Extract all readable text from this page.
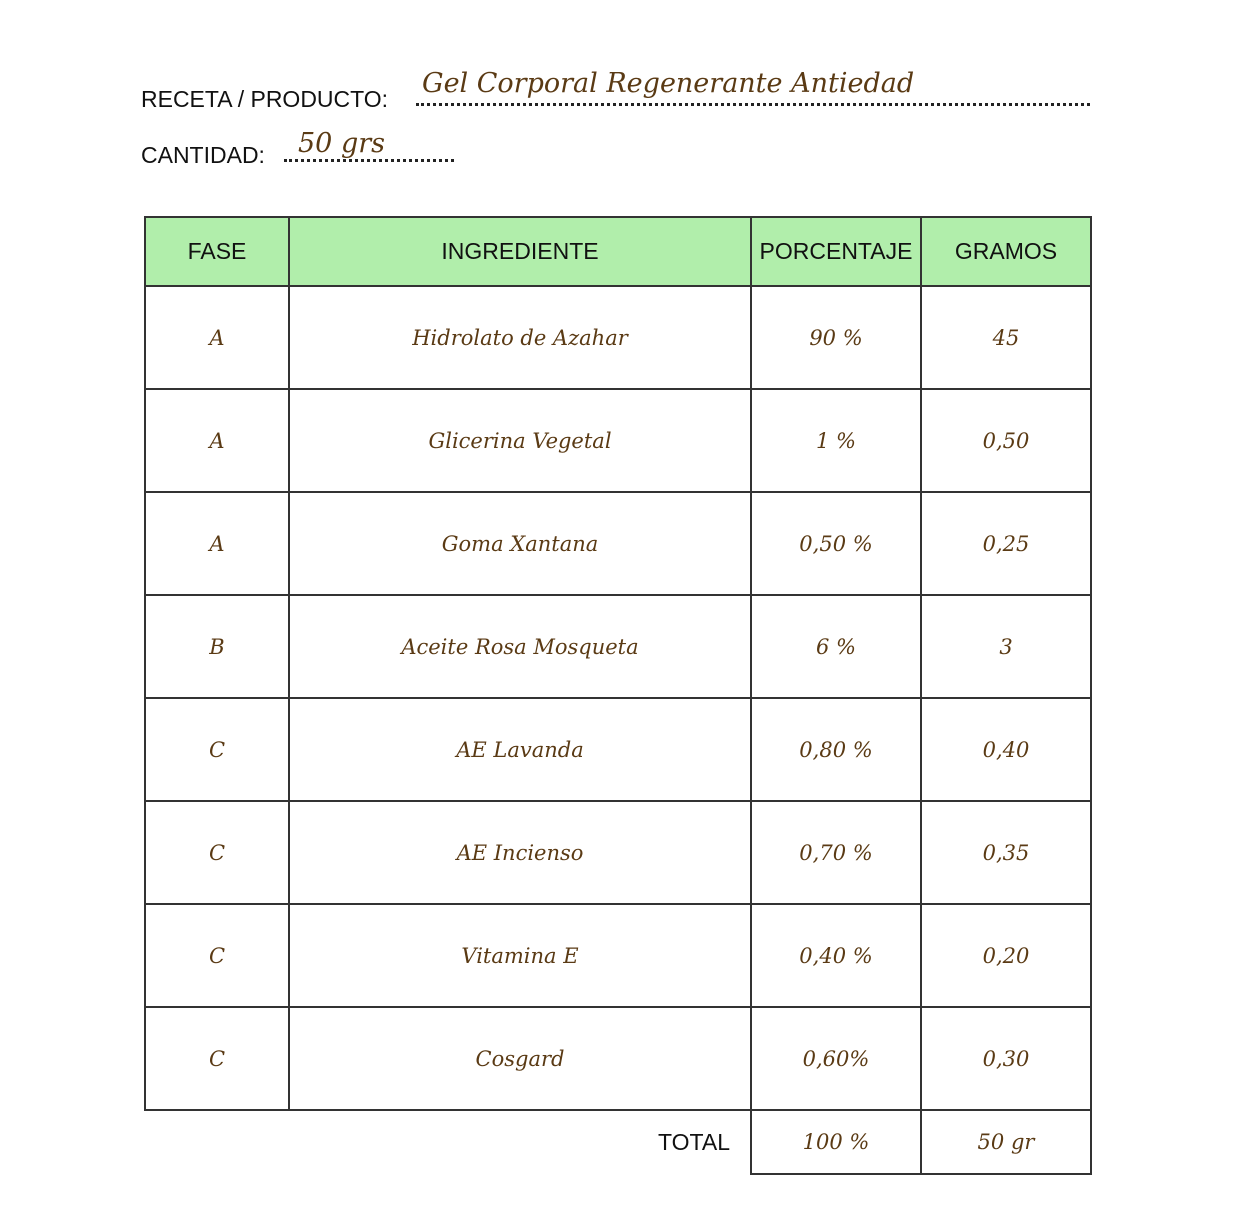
RECETA / PRODUCTO: Gel Corporal Regenerante Antiedad
CANTIDAD: 50 grs
FASE	INGREDIENTE	PORCENTAJE	GRAMOS
A	Hidrolato de Azahar	90 %	45
A	Glicerina Vegetal	1 %	0,50
A	Goma Xantana	0,50 %	0,25
B	Aceite Rosa Mosqueta	6 %	3
C	AE Lavanda	0,80 %	0,40
C	AE Incienso	0,70 %	0,35
C	Vitamina E	0,40 %	0,20
C	Cosgard	0,60%	0,30
TOTAL		100 %	50 gr
